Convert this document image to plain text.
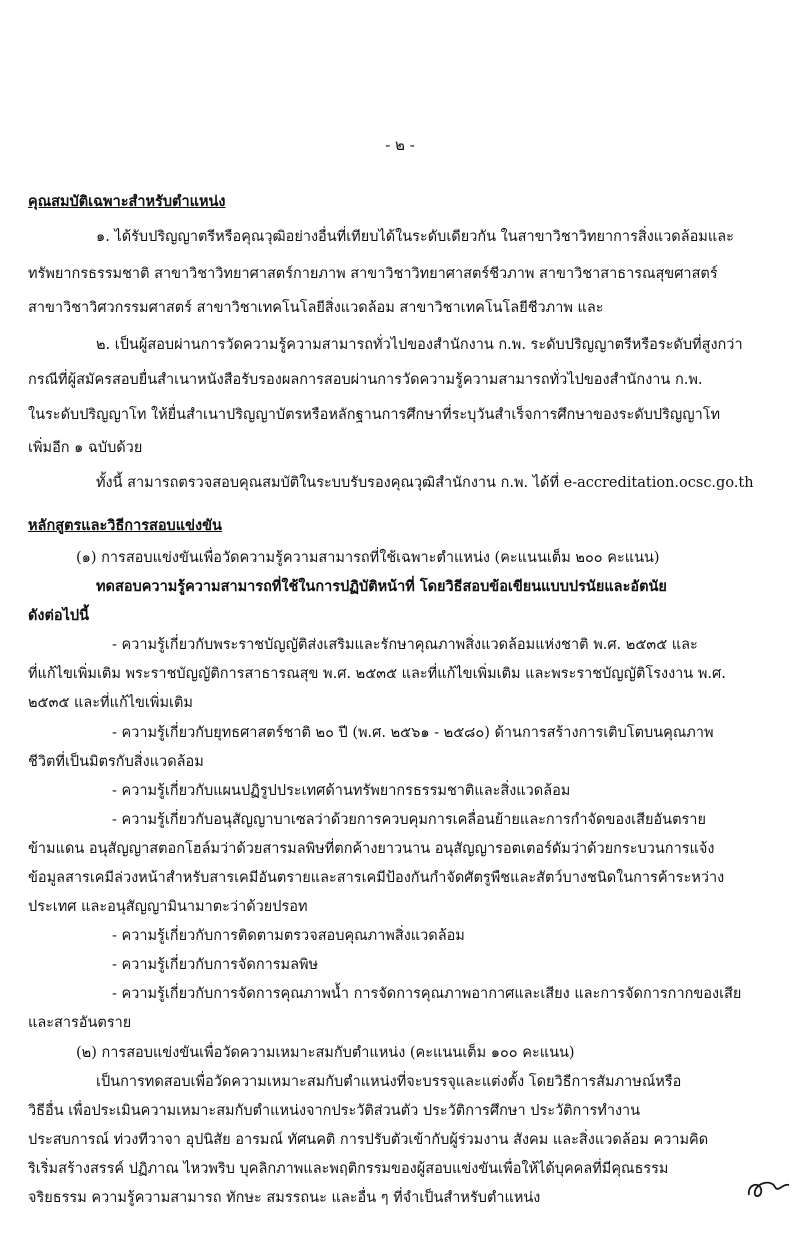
- ๒ -
คุณสมบัติเฉพาะสำหรับตำแหน่ง
๑. ได้รับปริญญาตรีหรือคุณวุฒิอย่างอื่นที่เทียบได้ในระดับเดียวกัน ในสาขาวิชาวิทยาการสิ่งแวดล้อมและ
ทรัพยากรธรรมชาติ สาขาวิชาวิทยาศาสตร์กายภาพ สาขาวิชาวิทยาศาสตร์ชีวภาพ สาขาวิชาสาธารณสุขศาสตร์
สาขาวิชาวิศวกรรมศาสตร์ สาขาวิชาเทคโนโลยีสิ่งแวดล้อม สาขาวิชาเทคโนโลยีชีวภาพ และ
๒. เป็นผู้สอบผ่านการวัดความรู้ความสามารถทั่วไปของสำนักงาน ก.พ. ระดับปริญญาตรีหรือระดับที่สูงกว่า
กรณีที่ผู้สมัครสอบยื่นสำเนาหนังสือรับรองผลการสอบผ่านการวัดความรู้ความสามารถทั่วไปของสำนักงาน ก.พ.
ในระดับปริญญาโท ให้ยื่นสำเนาปริญญาบัตรหรือหลักฐานการศึกษาที่ระบุวันสำเร็จการศึกษาของระดับปริญญาโท
เพิ่มอีก ๑ ฉบับด้วย
ทั้งนี้ สามารถตรวจสอบคุณสมบัติในระบบรับรองคุณวุฒิสำนักงาน ก.พ. ได้ที่ e-accreditation.ocsc.go.th
หลักสูตรและวิธีการสอบแข่งขัน
(๑) การสอบแข่งขันเพื่อวัดความรู้ความสามารถที่ใช้เฉพาะตำแหน่ง (คะแนนเต็ม ๒๐๐ คะแนน)
ทดสอบความรู้ความสามารถที่ใช้ในการปฏิบัติหน้าที่ โดยวิธีสอบข้อเขียนแบบปรนัยและอัตนัย
ดังต่อไปนี้
- ความรู้เกี่ยวกับพระราชบัญญัติส่งเสริมและรักษาคุณภาพสิ่งแวดล้อมแห่งชาติ พ.ศ. ๒๕๓๕ และ
ที่แก้ไขเพิ่มเติม พระราชบัญญัติการสาธารณสุข พ.ศ. ๒๕๓๕ และที่แก้ไขเพิ่มเติม และพระราชบัญญัติโรงงาน พ.ศ.
๒๕๓๕ และที่แก้ไขเพิ่มเติม
- ความรู้เกี่ยวกับยุทธศาสตร์ชาติ ๒๐ ปี (พ.ศ. ๒๕๖๑ - ๒๕๘๐) ด้านการสร้างการเติบโตบนคุณภาพ
ชีวิตที่เป็นมิตรกับสิ่งแวดล้อม
- ความรู้เกี่ยวกับแผนปฏิรูปประเทศด้านทรัพยากรธรรมชาติและสิ่งแวดล้อม
- ความรู้เกี่ยวกับอนุสัญญาบาเซลว่าด้วยการควบคุมการเคลื่อนย้ายและการกำจัดของเสียอันตราย
ข้ามแดน อนุสัญญาสตอกโฮล์มว่าด้วยสารมลพิษที่ตกค้างยาวนาน อนุสัญญารอตเตอร์ดัมว่าด้วยกระบวนการแจ้ง
ข้อมูลสารเคมีล่วงหน้าสำหรับสารเคมีอันตรายและสารเคมีป้องกันกำจัดศัตรูพืชและสัตว์บางชนิดในการค้าระหว่าง
ประเทศ และอนุสัญญามินามาตะว่าด้วยปรอท
- ความรู้เกี่ยวกับการติดตามตรวจสอบคุณภาพสิ่งแวดล้อม
- ความรู้เกี่ยวกับการจัดการมลพิษ
- ความรู้เกี่ยวกับการจัดการคุณภาพน้ำ การจัดการคุณภาพอากาศและเสียง และการจัดการกากของเสีย
และสารอันตราย
(๒) การสอบแข่งขันเพื่อวัดความเหมาะสมกับตำแหน่ง (คะแนนเต็ม ๑๐๐ คะแนน)
เป็นการทดสอบเพื่อวัดความเหมาะสมกับตำแหน่งที่จะบรรจุและแต่งตั้ง โดยวิธีการสัมภาษณ์หรือ
วิธีอื่น เพื่อประเมินความเหมาะสมกับตำแหน่งจากประวัติส่วนตัว ประวัติการศึกษา ประวัติการทำงาน
ประสบการณ์ ท่วงทีวาจา อุปนิสัย อารมณ์ ทัศนคติ การปรับตัวเข้ากับผู้ร่วมงาน สังคม และสิ่งแวดล้อม ความคิด
ริเริ่มสร้างสรรค์ ปฏิภาณ ไหวพริบ บุคลิกภาพและพฤติกรรมของผู้สอบแข่งขันเพื่อให้ได้บุคคลที่มีคุณธรรม
จริยธรรม ความรู้ความสามารถ ทักษะ สมรรถนะ และอื่น ๆ ที่จำเป็นสำหรับตำแหน่ง
